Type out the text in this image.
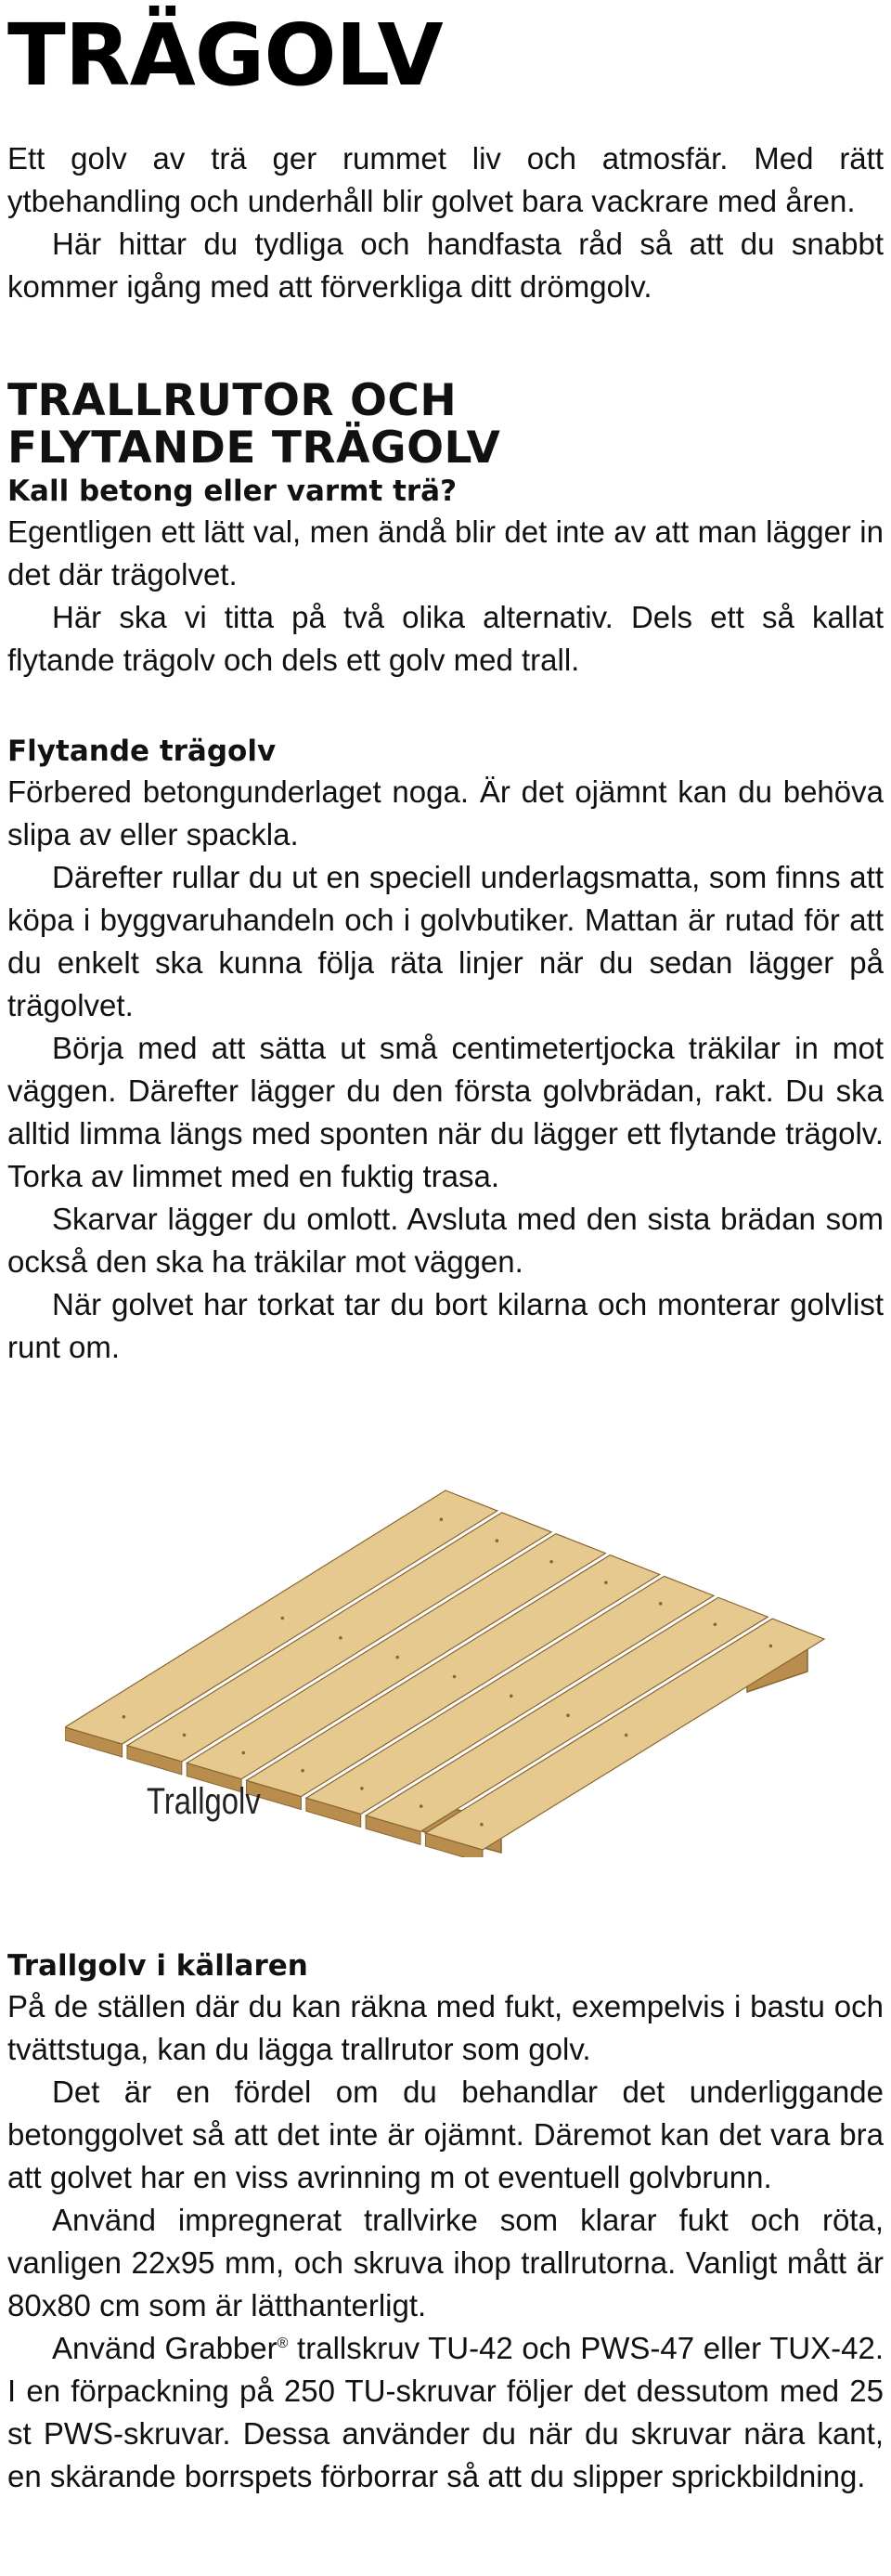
TRÄGOLV

Ett golv av trä ger rummet liv och atmosfär. Med rätt ytbehandling och underhåll blir golvet bara vackrare med åren.

Här hittar du tydliga och handfasta råd så att du snabbt kommer igång med att förverkliga ditt drömgolv.

TRALLRUTOR OCH
FLYTANDE TRÄGOLV
Kall betong eller varmt trä?

Egentligen ett lätt val, men ändå blir det inte av att man lägger in det där trägolvet.

Här ska vi titta på två olika alternativ. Dels ett så kallat flytande trägolv och dels ett golv med trall.

Flytande trägolv

Förbered betongunderlaget noga. Är det ojämnt kan du behöva slipa av eller spackla.

Därefter rullar du ut en speciell underlagsmatta, som finns att köpa i byggvaruhandeln och i golvbutiker. Mattan är rutad för att du enkelt ska kunna följa räta linjer när du sedan lägger på trägolvet.

Börja med att sätta ut små centimetertjocka träkilar in mot väggen. Därefter lägger du den första golvbrädan, rakt. Du ska alltid limma längs med sponten när du lägger ett flytande trägolv. Torka av limmet med en fuktig trasa.

Skarvar lägger du omlott. Avsluta med den sista brädan som också den ska ha träkilar mot väggen.

När golvet har torkat tar du bort kilarna och monterar golvlist runt om.

Trallgolv
Trallgolv i källaren

På de ställen där du kan räkna med fukt, exempelvis i bastu och tvättstuga, kan du lägga trallrutor som golv.

Det är en fördel om du behandlar det underliggande betonggolvet så att det inte är ojämnt. Däremot kan det vara bra att golvet har en viss avrinning m ot eventuell golvbrunn.

Använd impregnerat trallvirke som klarar fukt och röta, vanligen 22x95 mm, och skruva ihop trallrutorna. Vanligt mått är 80x80 cm som är lätthanterligt.

Använd Grabber® trallskruv TU-42 och PWS-47 eller TUX-42. I en förpackning på 250 TU-skruvar följer det dessutom med 25 st PWS-skruvar. Dessa använder du när du skruvar nära kant, en skärande borrspets förborrar så att du slipper sprickbildning.
